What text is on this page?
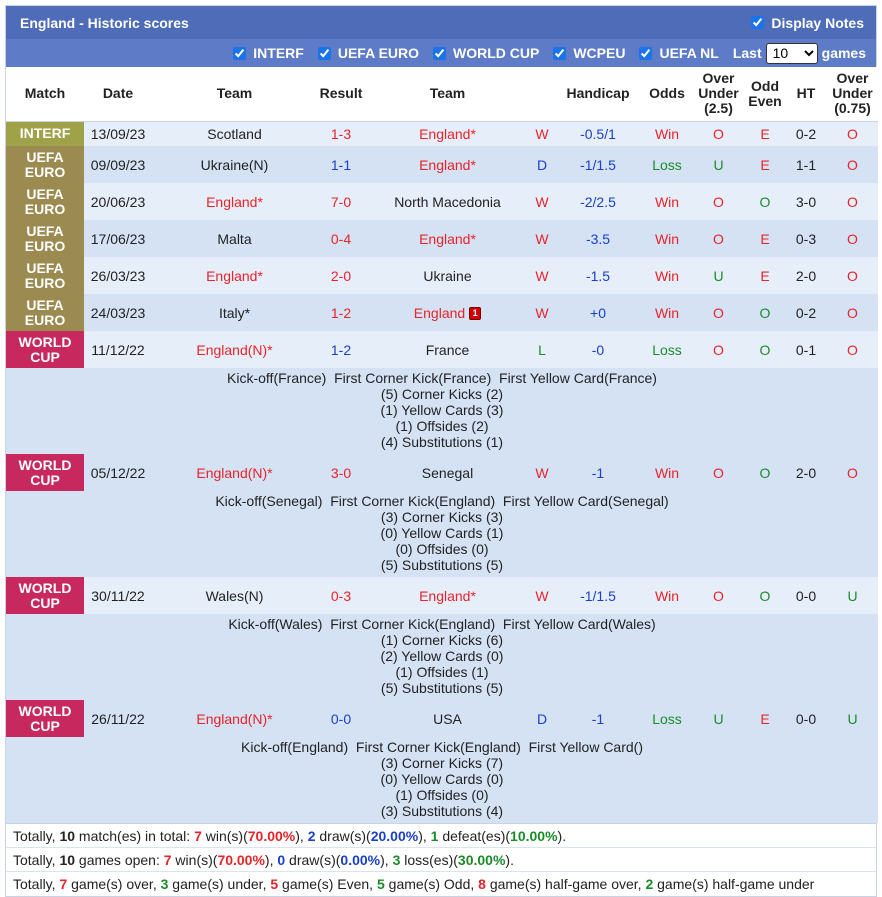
England - Historic scores	Display Notes
INTERF UEFA EURO WORLD CUP WCPEU UEFA NL Last
10	games
Match	Date	Team	Result	Team		Handicap	Odds	Over
Under
(2.5)	Odd
Even	HT	Over
Under
(0.75)
INTERF	13/09/23	Scotland	1-3	England*	W	-0.5/1	Win	O	E	0-2	O
UEFA
EURO	09/09/23	Ukraine(N)	1-1	England*	D	-1/1.5	Loss	U	E	1-1	O
UEFA
EURO	20/06/23	England*	7-0	North Macedonia	W	-2/2.5	Win	O	O	3-0	O
UEFA
EURO	17/06/23	Malta	0-4	England*	W	-3.5	Win	O	E	0-3	O
UEFA
EURO	26/03/23	England*	2-0	Ukraine	W	-1.5	Win	U	E	2-0	O
UEFA
EURO	24/03/23	Italy*	1-2	England 1	W	+0	Win	O	O	0-2	O
WORLD
CUP	11/12/22	England(N)*	1-2	France	L	-0	Loss	O	O	0-1	O

Kick-off(France)  First Corner Kick(France)  First Yellow Card(France)
(5) Corner Kicks (2)
(1) Yellow Cards (3)
(1) Offsides (2)
(4) Substitutions (1)											

WORLD
CUP	05/12/22	England(N)*	3-0	Senegal	W	-1	Win	O	O	2-0	O

Kick-off(Senegal)  First Corner Kick(England)  First Yellow Card(Senegal)
(3) Corner Kicks (3)
(0) Yellow Cards (1)
(0) Offsides (0)
(5) Substitutions (5)											

WORLD
CUP	30/11/22	Wales(N)	0-3	England*	W	-1/1.5	Win	O	O	0-0	U

Kick-off(Wales)  First Corner Kick(England)  First Yellow Card(Wales)
(1) Corner Kicks (6)
(2) Yellow Cards (0)
(1) Offsides (1)
(5) Substitutions (5)											

WORLD
CUP	26/11/22	England(N)*	0-0	USA	D	-1	Loss	U	E	0-0	U

Kick-off(England)  First Corner Kick(England)  First Yellow Card()
(3) Corner Kicks (7)
(0) Yellow Cards (0)
(1) Offsides (0)
(3) Substitutions (4)											
Totally, 10 match(es) in total: 7 win(s)(70.00%), 2 draw(s)(20.00%), 1 defeat(es)(10.00%).
Totally, 10 games open: 7 win(s)(70.00%), 0 draw(s)(0.00%), 3 loss(es)(30.00%).
Totally, 7 game(s) over, 3 game(s) under, 5 game(s) Even, 5 game(s) Odd, 8 game(s) half-game over, 2 game(s) half-game under
